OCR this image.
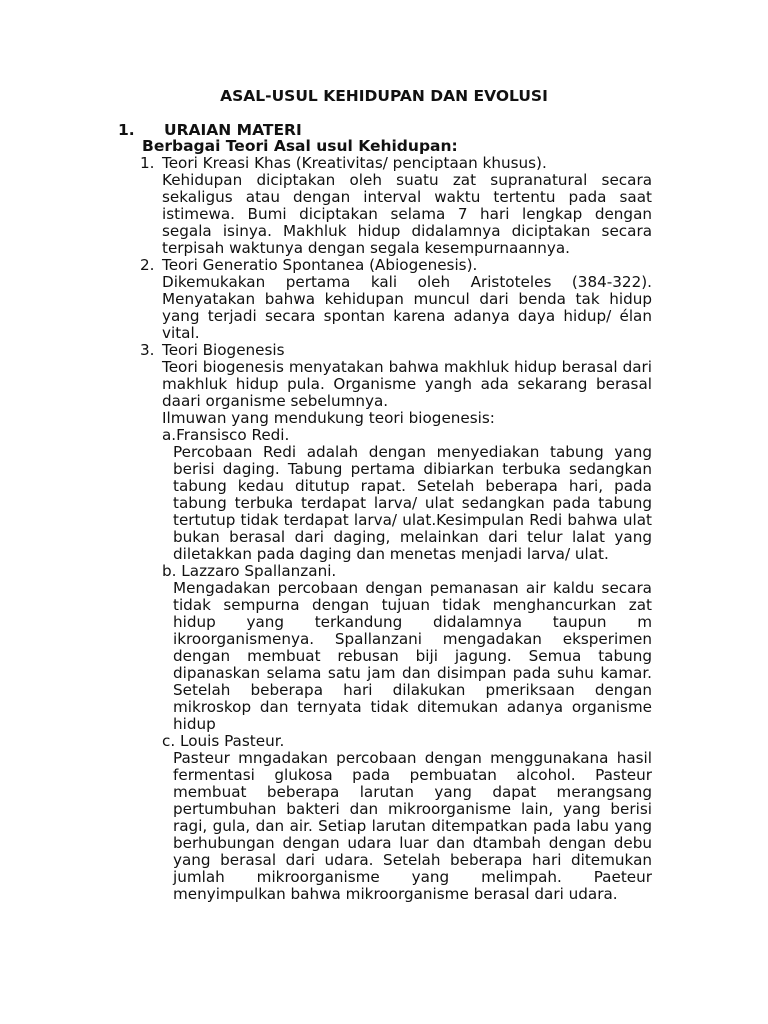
ASAL-USUL KEHIDUPAN DAN EVOLUSI
1. URAIAN MATERI
Berbagai Teori Asal usul Kehidupan:
1. Teori Kreasi Khas (Kreativitas/ penciptaan khusus).
Kehidupan diciptakan oleh suatu zat supranatural secara sekaligus atau dengan interval waktu tertentu pada saat istimewa. Bumi diciptakan selama 7 hari lengkap dengan segala isinya. Makhluk hidup didalamnya diciptakan secara terpisah waktunya dengan segala kesempurnaannya.
2. Teori Generatio Spontanea (Abiogenesis).
Dikemukakan pertama kali oleh Aristoteles (384-322). Menyatakan bahwa kehidupan muncul dari benda tak hidup yang terjadi secara spontan karena adanya daya hidup/ élan vital.
3. Teori Biogenesis
Teori biogenesis menyatakan bahwa makhluk hidup berasal dari makhluk hidup pula. Organisme yangh ada sekarang berasal daari organisme sebelumnya.
Ilmuwan yang mendukung teori biogenesis:
a.Fransisco Redi.
Percobaan Redi adalah dengan menyediakan tabung yang berisi daging. Tabung pertama dibiarkan terbuka sedangkan tabung kedau ditutup rapat. Setelah beberapa hari, pada tabung terbuka terdapat larva/ ulat sedangkan pada tabung tertutup tidak terdapat larva/ ulat.Kesimpulan Redi bahwa ulat bukan berasal dari daging, melainkan dari telur lalat yang diletakkan pada daging dan menetas menjadi larva/ ulat.
b. Lazzaro Spallanzani.
Mengadakan percobaan dengan pemanasan air kaldu secara tidak sempurna dengan tujuan tidak menghancurkan zat hidup yang terkandung didalamnya taupun m ikroorganismenya. Spallanzani mengadakan eksperimen dengan membuat rebusan biji jagung. Semua tabung dipanaskan selama satu jam dan disimpan pada suhu kamar. Setelah beberapa hari dilakukan pmeriksaan dengan mikroskop dan ternyata tidak ditemukan adanya organisme hidup
c. Louis Pasteur.
Pasteur mngadakan percobaan dengan menggunakana hasil fermentasi glukosa pada pembuatan alcohol. Pasteur membuat beberapa larutan yang dapat merangsang pertumbuhan bakteri dan mikroorganisme lain, yang berisi ragi, gula, dan air. Setiap larutan ditempatkan pada labu yang berhubungan dengan udara luar dan dtambah dengan debu yang berasal dari udara. Setelah beberapa hari ditemukan jumlah mikroorganisme yang melimpah. Paeteur menyimpulkan bahwa mikroorganisme berasal dari udara.
